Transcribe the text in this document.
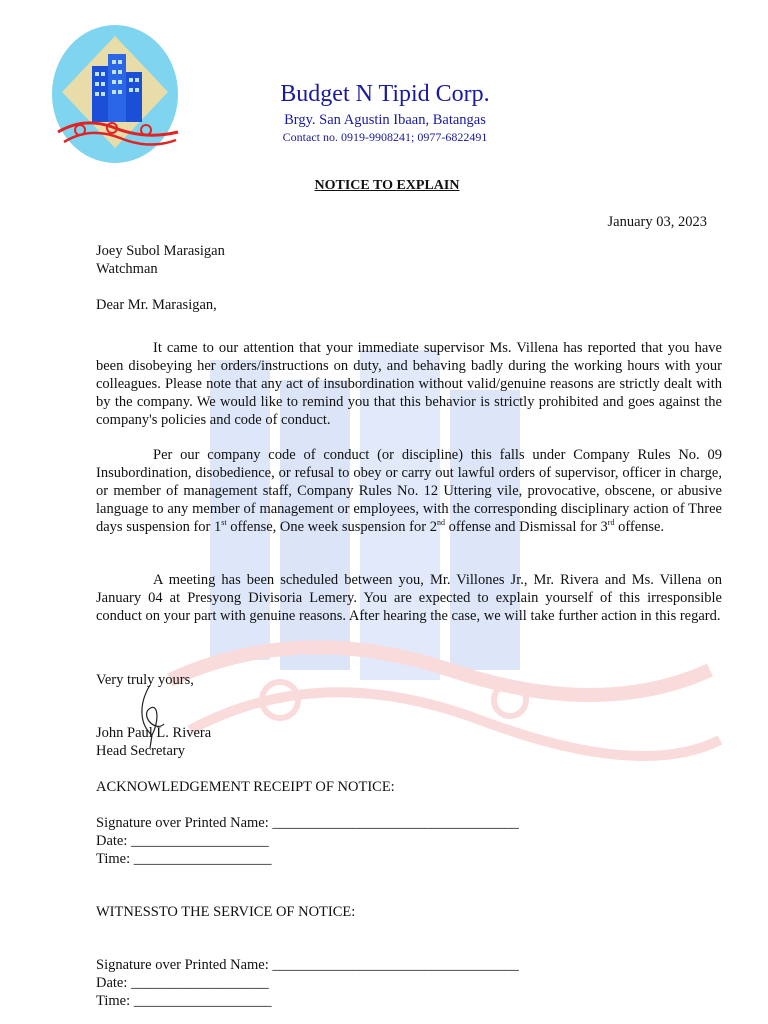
Budget N Tipid Corp.
Brgy. San Agustin Ibaan, Batangas
Contact no. 0919-9908241; 0977-6822491
NOTICE TO EXPLAIN
January 03, 2023
Joey Subol Marasigan
Watchman
Dear Mr. Marasigan,
It came to our attention that your immediate supervisor Ms. Villena has reported that you have been disobeying her orders/instructions on duty, and behaving badly during the working hours with your colleagues. Please note that any act of insubordination without valid/genuine reasons are strictly dealt with by the company. We would like to remind you that this behavior is strictly prohibited and goes against the company's policies and code of conduct.
Per our company code of conduct (or discipline) this falls under Company Rules No. 09 Insubordination, disobedience, or refusal to obey or carry out lawful orders of supervisor, officer in charge, or member of management staff, Company Rules No. 12 Uttering vile, provocative, obscene, or abusive language to any member of management or employees, with the corresponding disciplinary action of Three days suspension for 1st offense, One week suspension for 2nd offense and Dismissal for 3rd offense.
A meeting has been scheduled between you, Mr. Villones Jr., Mr. Rivera and Ms. Villena on January 04 at Presyong Divisoria Lemery. You are expected to explain yourself of this irresponsible conduct on your part with genuine reasons. After hearing the case, we will take further action in this regard.
Very truly yours,
John Paul L. Rivera
Head Secretary
ACKNOWLEDGEMENT RECEIPT OF NOTICE:
Signature over Printed Name: __________________________________
Date: ___________________
Time: ___________________
WITNESSTO THE SERVICE OF NOTICE:
Signature over Printed Name: __________________________________
Date: ___________________
Time: ___________________
